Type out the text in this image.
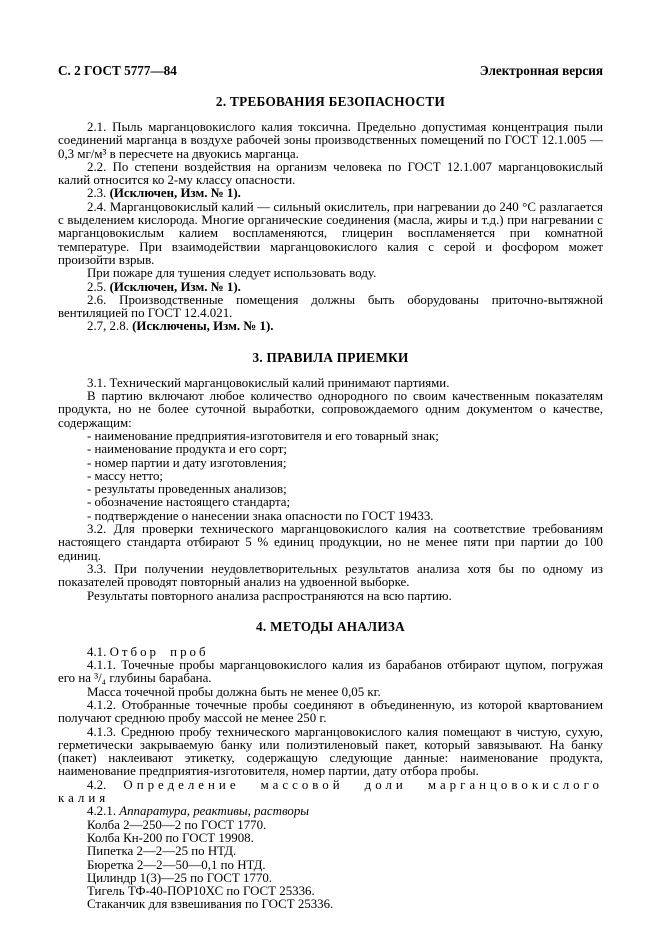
С. 2 ГОСТ 5777—84	Электронная версия
2. ТРЕБОВАНИЯ БЕЗОПАСНОСТИ

2.1. Пыль марганцовокислого калия токсична. Предельно допустимая концентрация пыли соединений марганца в воздухе рабочей зоны производственных помещений по ГОСТ 12.1.005 — 0,3 мг/м³ в пересчете на двуокись марганца.

2.2. По степени воздействия на организм человека по ГОСТ 12.1.007 марганцовокислый калий относится ко 2-му классу опасности.

2.3. (Исключен, Изм. № 1).

2.4. Марганцовокислый калий — сильный окислитель, при нагревании до 240 °С разлагается с выделением кислорода. Многие органические соединения (масла, жиры и т.д.) при нагревании с марганцовокислым калием воспламеняются, глицерин воспламеняется при комнатной температуре. При взаимодействии марганцовокислого калия с серой и фосфором может произойти взрыв.

При пожаре для тушения следует использовать воду.

2.5. (Исключен, Изм. № 1).

2.6. Производственные помещения должны быть оборудованы приточно-вытяжной вентиляцией по ГОСТ 12.4.021.

2.7, 2.8. (Исключены, Изм. № 1).

3. ПРАВИЛА ПРИЕМКИ

3.1. Технический марганцовокислый калий принимают партиями.

В партию включают любое количество однородного по своим качественным показателям продукта, но не более суточной выработки, сопровождаемого одним документом о качестве, содержащим:

- наименование предприятия-изготовителя и его товарный знак;

- наименование продукта и его сорт;

- номер партии и дату изготовления;

- массу нетто;

- результаты проведенных анализов;

- обозначение настоящего стандарта;

- подтверждение о нанесении знака опасности по ГОСТ 19433.

3.2. Для проверки технического марганцовокислого калия на соответствие требованиям настоящего стандарта отбирают 5 % единиц продукции, но не менее пяти при партии до 100 единиц.

3.3. При получении неудовлетворительных результатов анализа хотя бы по одному из показателей проводят повторный анализ на удвоенной выборке.

Результаты повторного анализа распространяются на всю партию.

4. МЕТОДЫ АНАЛИЗА

4.1. Отбор проб

4.1.1. Точечные пробы марганцовокислого калия из барабанов отбирают щупом, погружая его на ³/₄ глубины барабана.

Масса точечной пробы должна быть не менее 0,05 кг.

4.1.2. Отобранные точечные пробы соединяют в объединенную, из которой квартованием получают среднюю пробу массой не менее 250 г.

4.1.3. Среднюю пробу технического марганцовокислого калия помещают в чистую, сухую, герметически закрываемую банку или полиэтиленовый пакет, который завязывают. На банку (пакет) наклеивают этикетку, содержащую следующие данные: наименование продукта, наименование предприятия-изготовителя, номер партии, дату отбора пробы.

4.2. Определение массовой доли марганцовокислого калия

4.2.1. Аппаратура, реактивы, растворы

Колба 2—250—2 по ГОСТ 1770.

Колба Кн-200 по ГОСТ 19908.

Пипетка 2—2—25 по НТД.

Бюретка 2—2—50—0,1 по НТД.

Цилиндр 1(3)—25 по ГОСТ 1770.

Тигель ТФ-40-ПОР10ХС по ГОСТ 25336.

Стаканчик для взвешивания по ГОСТ 25336.
